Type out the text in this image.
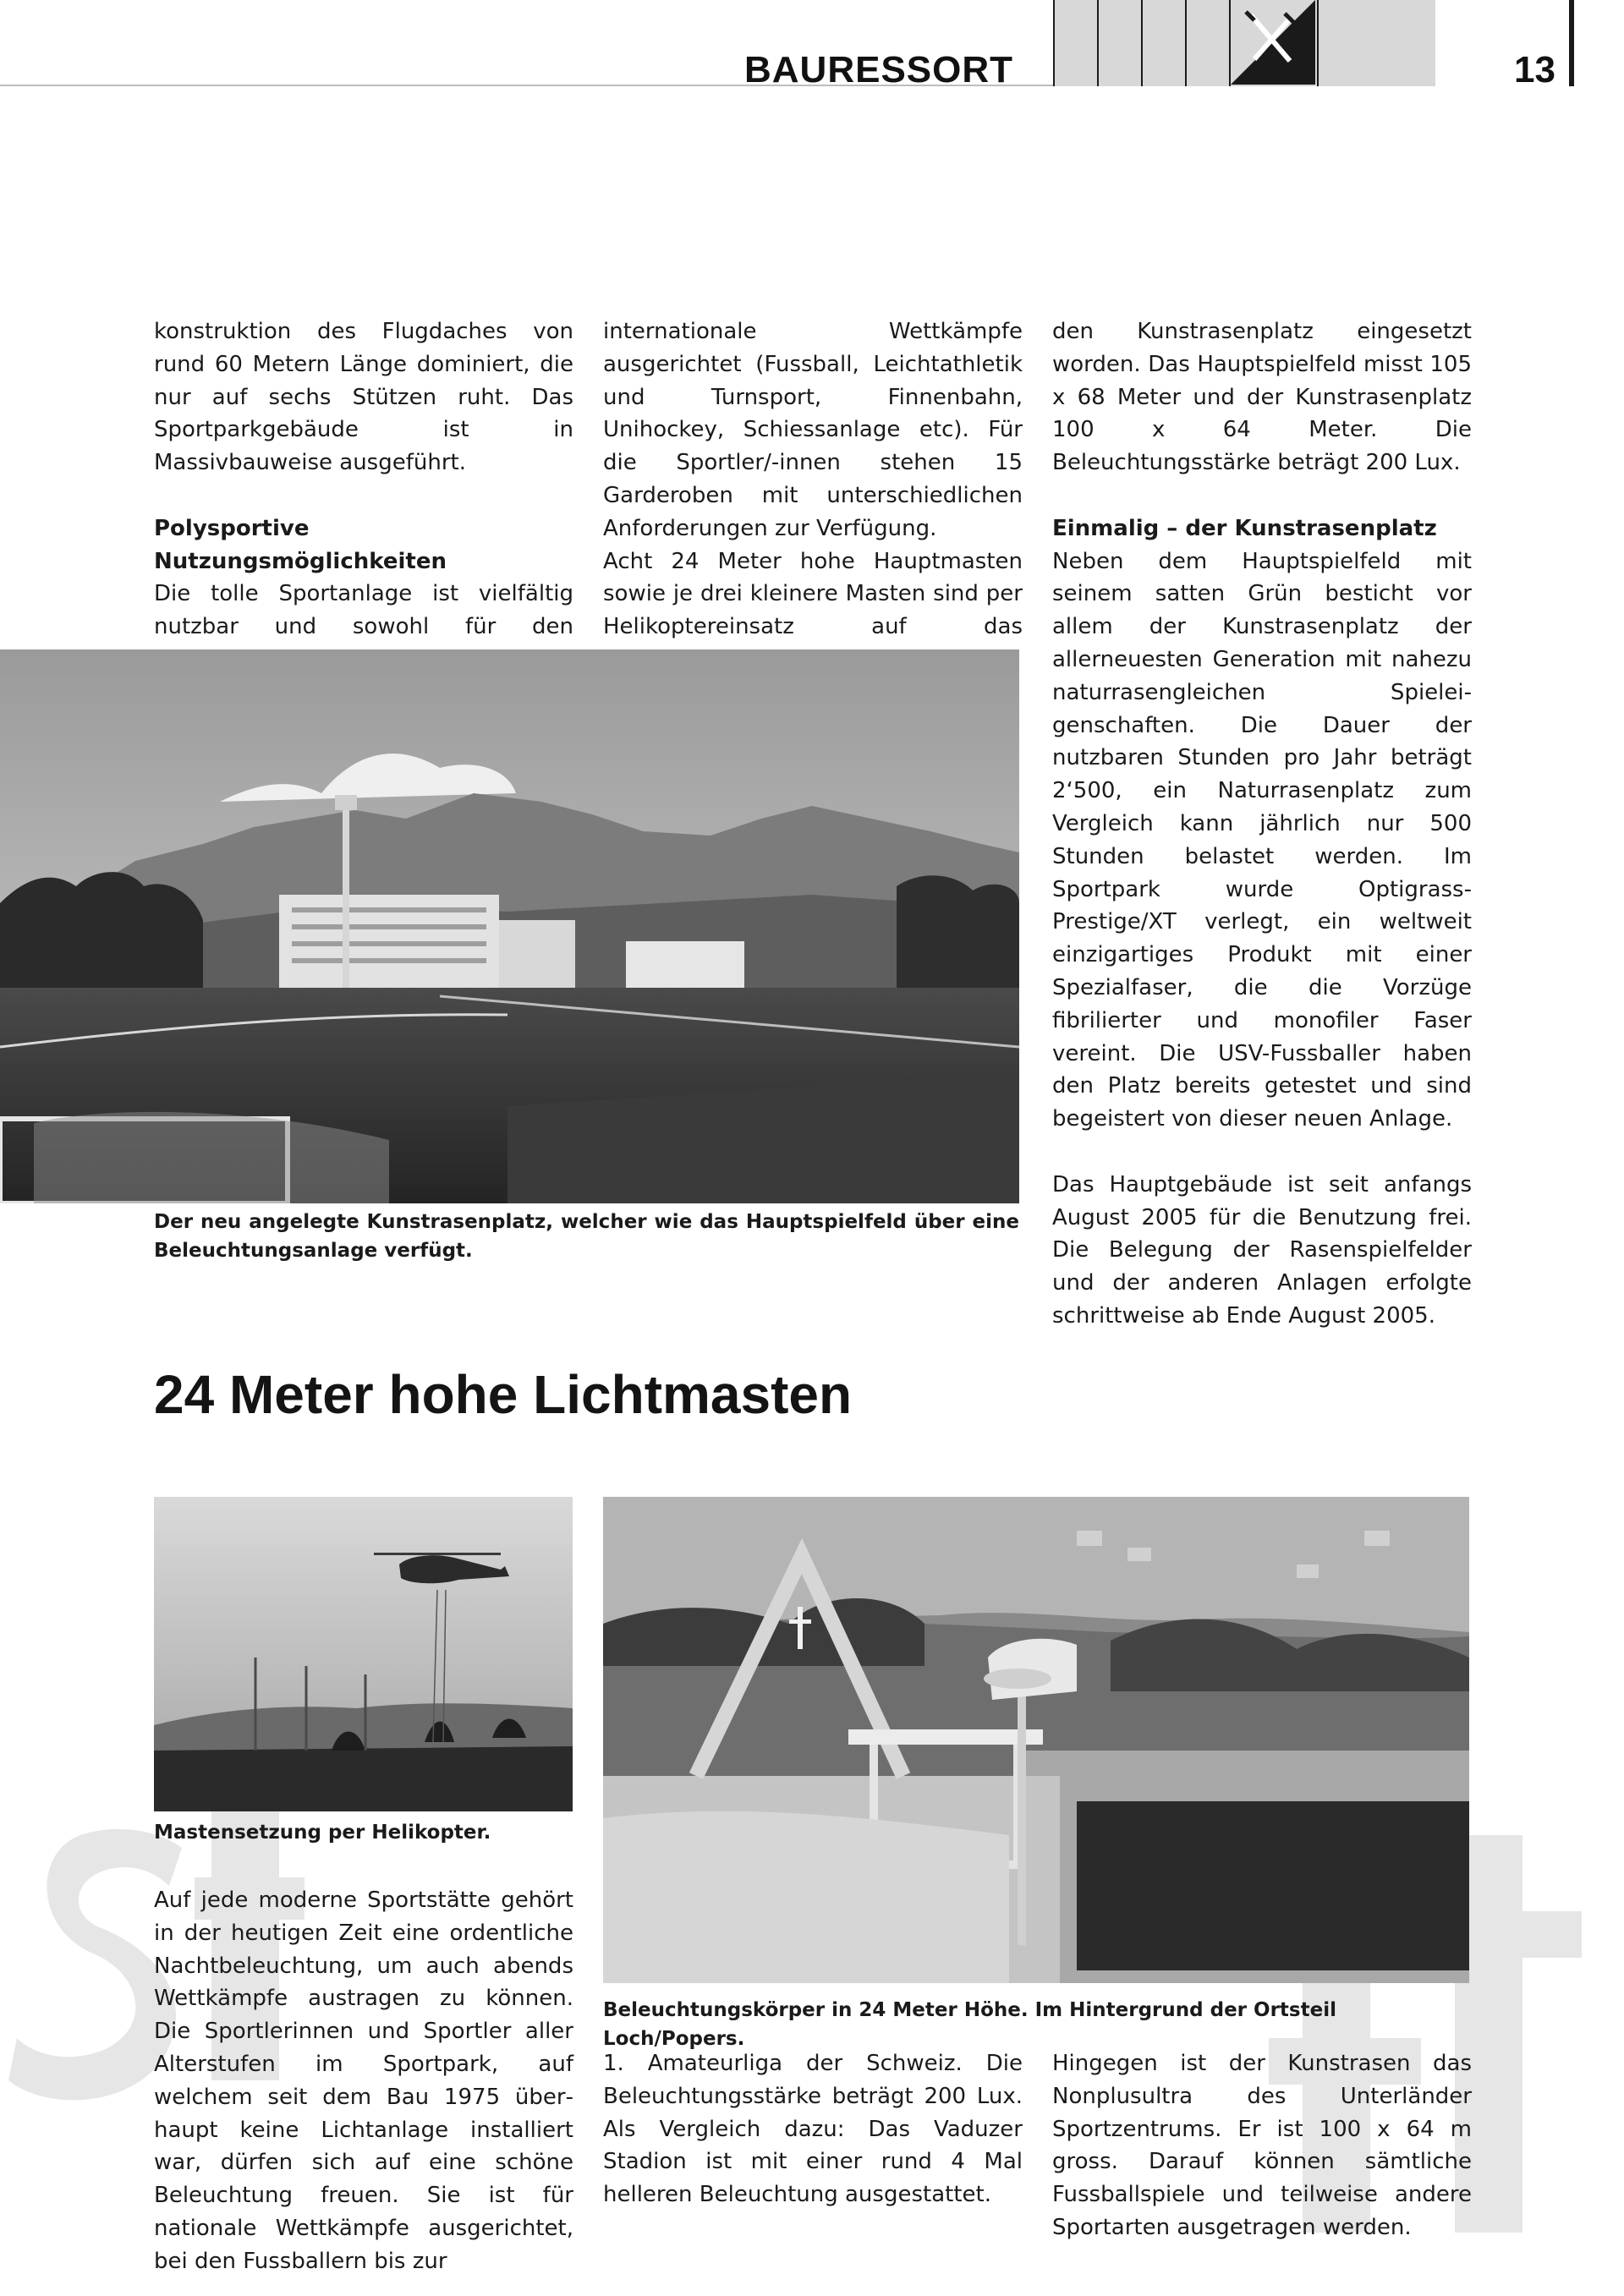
BAURESSORT	13

konstruktion des Flugdaches von rund 60 Metern Länge dominiert, die nur auf sechs Stützen ruht. Das Sportparkgebäude ist in Massivbauweise ausgeführt.

Polysportive Nutzungsmöglichkeiten

Die tolle Sportanlage ist vielfältig nutzbar und sowohl für den

internationale Wettkämpfe ausgerichtet (Fussball, Leichtathletik und Turnsport, Finnenbahn, Unihockey, Schiessanlage etc). Für die Sportler/-innen stehen 15 Garderoben mit unterschiedlichen Anforderungen zur Verfügung.

Acht 24 Meter hohe Hauptmasten sowie je drei kleinere Masten sind per Helikoptereinsatz auf das

den Kunstrasenplatz eingesetzt worden. Das Hauptspielfeld misst 105 x 68 Meter und der Kunstrasenplatz 100 x 64 Meter. Die Beleuchtungsstärke beträgt 200 Lux.

Einmalig – der Kunstrasenplatz

Neben dem Hauptspielfeld mit seinem satten Grün besticht vor allem der Kunstrasenplatz der allerneuesten Generation mit nahezu naturrasengleichen Spieleigenschaften. Die Dauer der nutzbaren Stunden pro Jahr beträgt 2‘500, ein Naturrasenplatz zum Vergleich kann jährlich nur 500 Stunden belastet werden. Im Sportpark wurde Optigrass-Prestige/XT verlegt, ein weltweit einzigartiges Produkt mit einer Spezialfaser, die die Vorzüge fibrilierter und monofiler Faser vereint. Die USV-Fussballer haben den Platz bereits getestet und sind begeistert von dieser neuen Anlage.

Das Hauptgebäude ist seit anfangs August 2005 für die Benutzung frei. Die Belegung der Rasenspielfelder und der anderen Anlagen erfolgte schrittweise ab Ende August 2005.

Der neu angelegte Kunstrasenplatz, welcher wie das Hauptspielfeld über eine Beleuchtungsanlage verfügt.
24 Meter hohe Lichtmasten
Mastensetzung per Helikopter.
Beleuchtungskörper in 24 Meter Höhe. Im Hintergrund der Ortsteil Loch/Popers.

Auf jede moderne Sportstätte gehört in der heutigen Zeit eine ordentliche Nachtbeleuchtung, um auch abends Wettkämpfe austragen zu können. Die Sportlerinnen und Sportler aller Alterstufen im Sportpark, auf welchem seit dem Bau 1975 überhaupt keine Lichtanlage installiert war, dürfen sich auf eine schöne Beleuchtung freuen. Sie ist für nationale Wettkämpfe ausgerichtet, bei den Fussballern bis zur

1. Amateurliga der Schweiz. Die Beleuchtungsstärke beträgt 200 Lux. Als Vergleich dazu: Das Vaduzer Stadion ist mit einer rund 4 Mal helleren Beleuchtung ausgestattet.

Hingegen ist der Kunstrasen das Nonplusultra des Unterländer Sportzentrums. Er ist 100 x 64 m gross. Darauf können sämtliche Fussballspiele und teilweise andere Sportarten ausgetragen werden.
